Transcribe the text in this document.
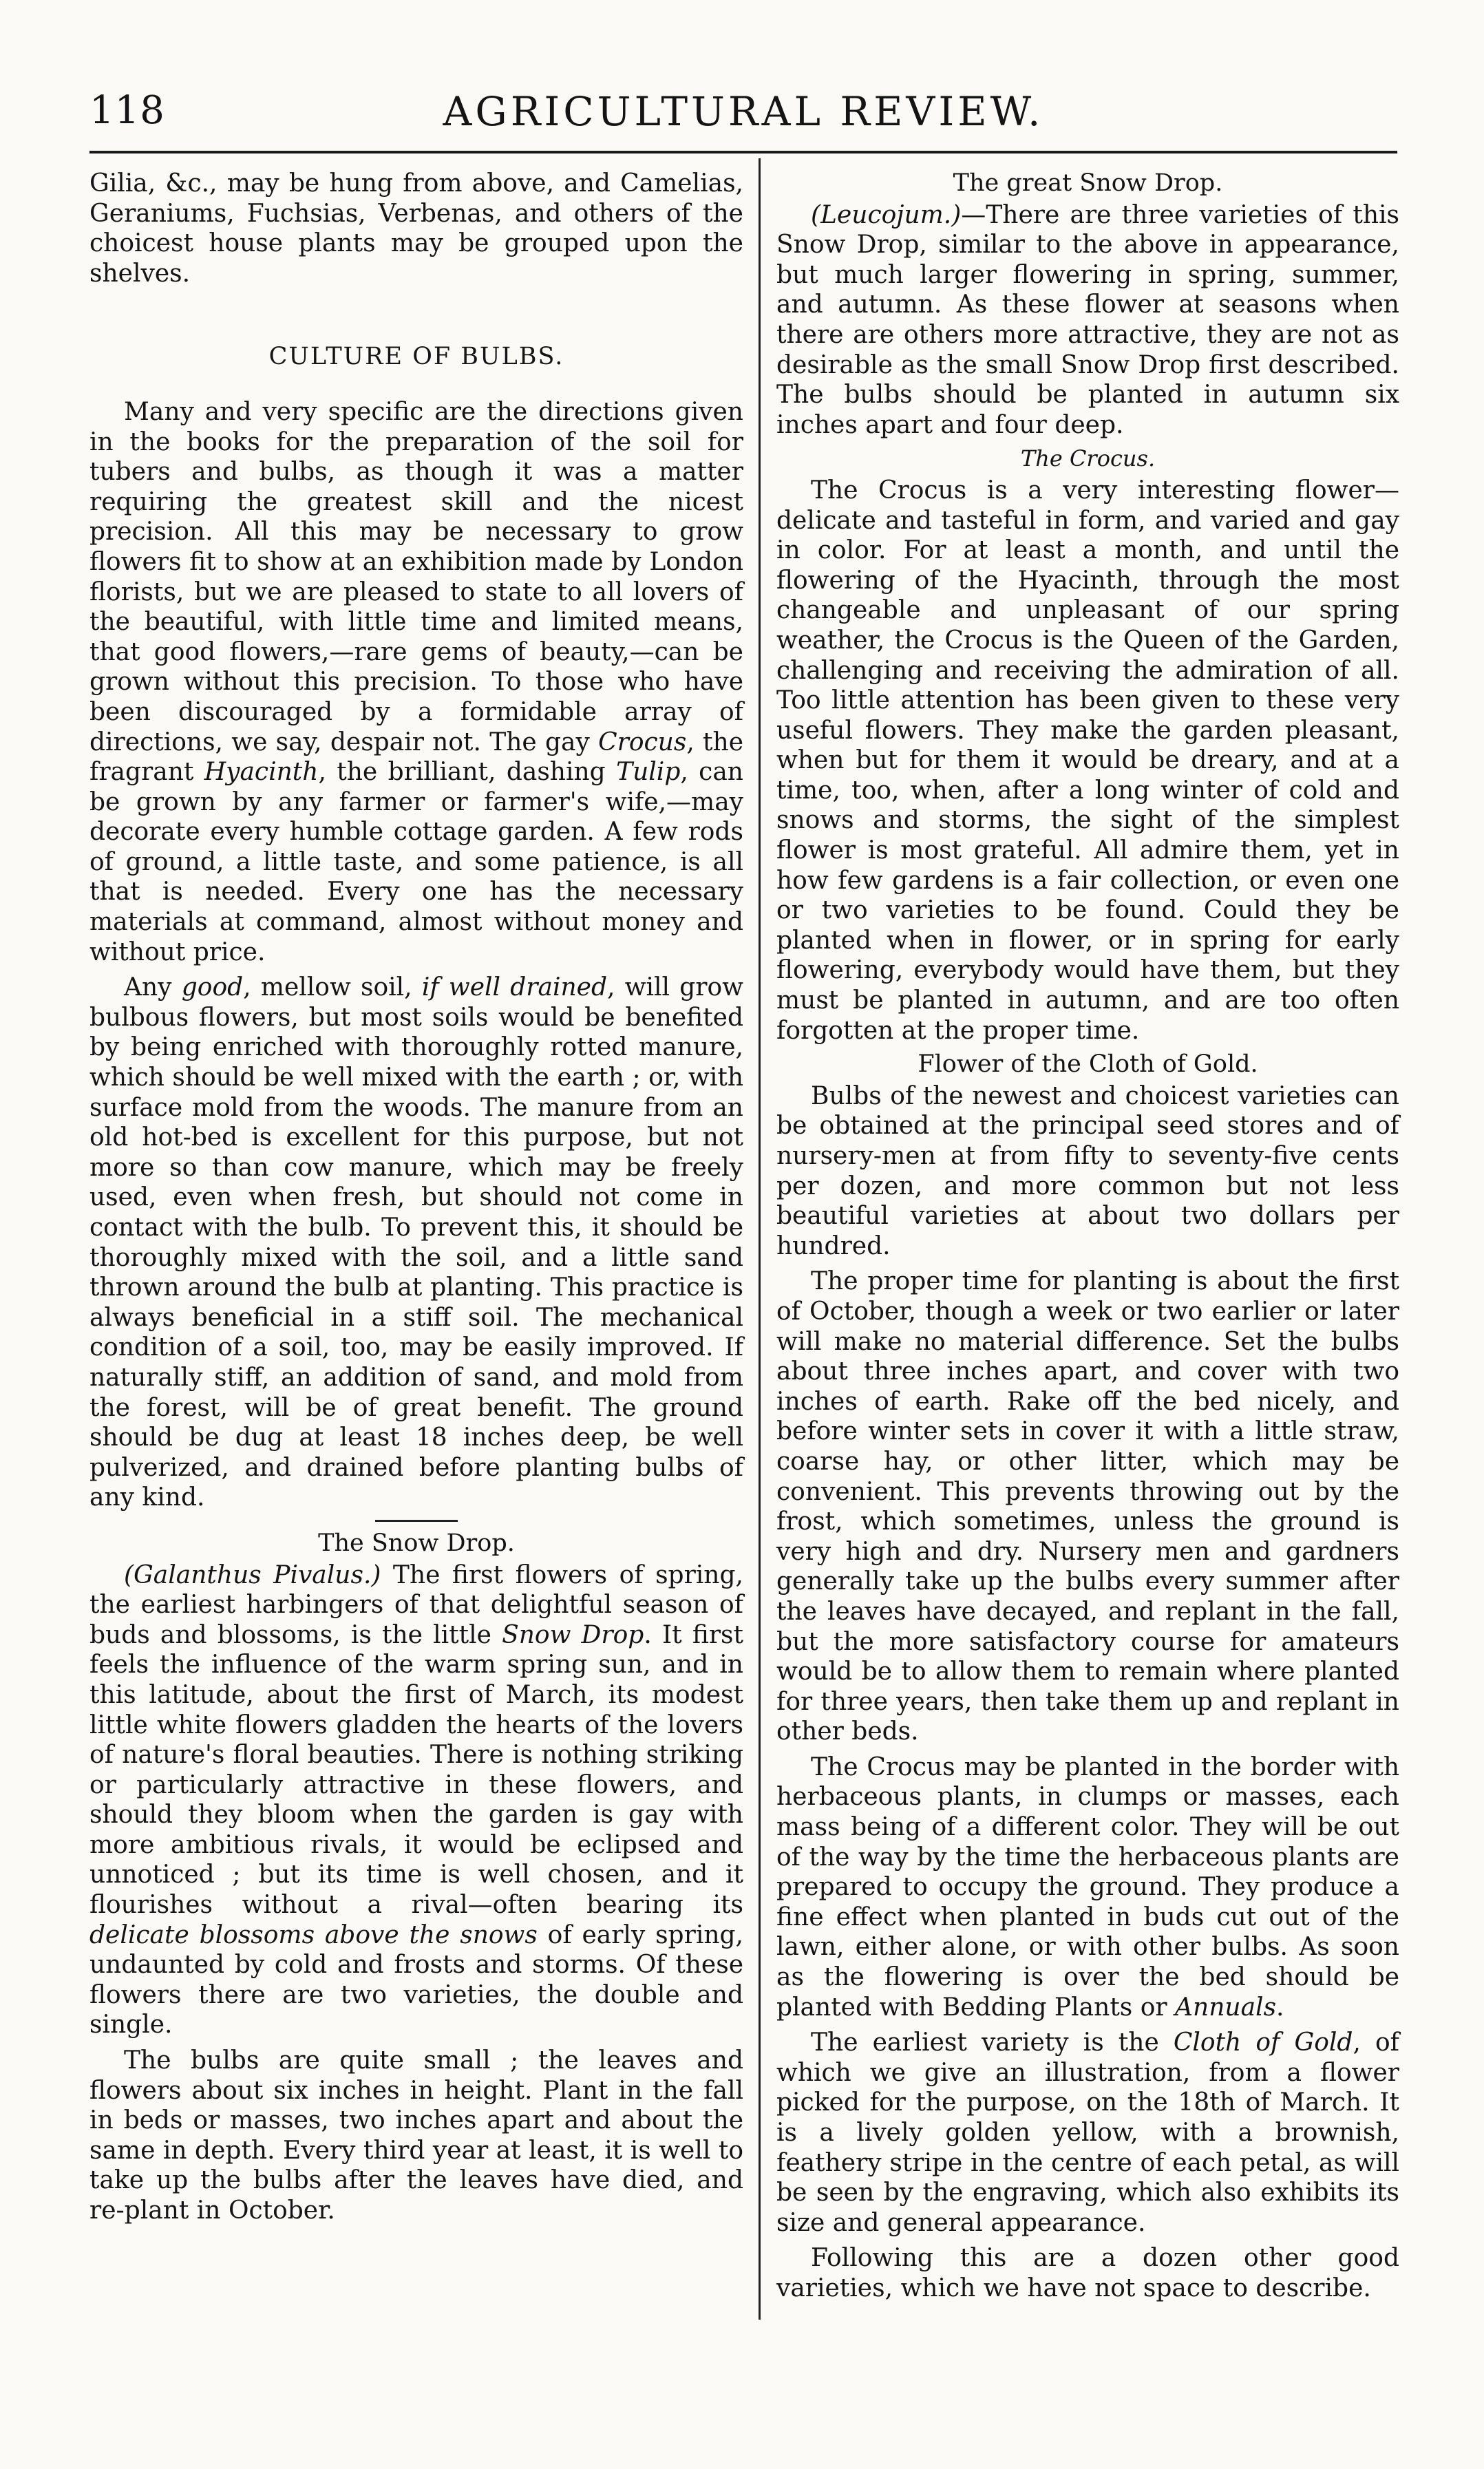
118	AGRICULTURAL REVIEW.

Gilia, &c., may be hung from above, and Camelias, Geraniums, Fuchsias, Verbenas, and others of the choicest house plants may be grouped upon the shelves.

CULTURE OF BULBS.

Many and very specific are the directions given in the books for the preparation of the soil for tubers and bulbs, as though it was a matter requiring the greatest skill and the nicest precision. All this may be necessary to grow flowers fit to show at an exhibition made by London florists, but we are pleased to state to all lovers of the beautiful, with little time and limited means, that good flowers,—rare gems of beauty,—can be grown without this precision. To those who have been discouraged by a formidable array of directions, we say, despair not. The gay Crocus, the fragrant Hyacinth, the brilliant, dashing Tulip, can be grown by any farmer or farmer's wife,—may decorate every humble cottage garden. A few rods of ground, a little taste, and some patience, is all that is needed. Every one has the necessary materials at command, almost without money and without price.

Any good, mellow soil, if well drained, will grow bulbous flowers, but most soils would be benefited by being enriched with thoroughly rotted manure, which should be well mixed with the earth ; or, with surface mold from the woods. The manure from an old hot-bed is excellent for this purpose, but not more so than cow manure, which may be freely used, even when fresh, but should not come in contact with the bulb. To prevent this, it should be thoroughly mixed with the soil, and a little sand thrown around the bulb at planting. This practice is always beneficial in a stiff soil. The mechanical condition of a soil, too, may be easily improved. If naturally stiff, an addition of sand, and mold from the forest, will be of great benefit. The ground should be dug at least 18 inches deep, be well pulverized, and drained before planting bulbs of any kind.

The Snow Drop.

(Galanthus Pivalus.) The first flowers of spring, the earliest harbingers of that delightful season of buds and blossoms, is the little Snow Drop. It first feels the influence of the warm spring sun, and in this latitude, about the first of March, its modest little white flowers gladden the hearts of the lovers of nature's floral beauties. There is nothing striking or particularly attractive in these flowers, and should they bloom when the garden is gay with more ambitious rivals, it would be eclipsed and unnoticed ; but its time is well chosen, and it flourishes without a rival—often bearing its delicate blossoms above the snows of early spring, undaunted by cold and frosts and storms. Of these flowers there are two varieties, the double and single.

The bulbs are quite small ; the leaves and flowers about six inches in height. Plant in the fall in beds or masses, two inches apart and about the same in depth. Every third year at least, it is well to take up the bulbs after the leaves have died, and re-plant in October.

The great Snow Drop.

(Leucojum.)—There are three varieties of this Snow Drop, similar to the above in appearance, but much larger flowering in spring, summer, and autumn. As these flower at seasons when there are others more attractive, they are not as desirable as the small Snow Drop first described. The bulbs should be planted in autumn six inches apart and four deep.

The Crocus.

The Crocus is a very interesting flower—delicate and tasteful in form, and varied and gay in color. For at least a month, and until the flowering of the Hyacinth, through the most changeable and unpleasant of our spring weather, the Crocus is the Queen of the Garden, challenging and receiving the admiration of all. Too little attention has been given to these very useful flowers. They make the garden pleasant, when but for them it would be dreary, and at a time, too, when, after a long winter of cold and snows and storms, the sight of the simplest flower is most grateful. All admire them, yet in how few gardens is a fair collection, or even one or two varieties to be found. Could they be planted when in flower, or in spring for early flowering, everybody would have them, but they must be planted in autumn, and are too often forgotten at the proper time.

Flower of the Cloth of Gold.

Bulbs of the newest and choicest varieties can be obtained at the principal seed stores and of nursery-men at from fifty to seventy-five cents per dozen, and more common but not less beautiful varieties at about two dollars per hundred.

The proper time for planting is about the first of October, though a week or two earlier or later will make no material difference. Set the bulbs about three inches apart, and cover with two inches of earth. Rake off the bed nicely, and before winter sets in cover it with a little straw, coarse hay, or other litter, which may be convenient. This prevents throwing out by the frost, which sometimes, unless the ground is very high and dry. Nursery men and gardners generally take up the bulbs every summer after the leaves have decayed, and replant in the fall, but the more satisfactory course for amateurs would be to allow them to remain where planted for three years, then take them up and replant in other beds.

The Crocus may be planted in the border with herbaceous plants, in clumps or masses, each mass being of a different color. They will be out of the way by the time the herbaceous plants are prepared to occupy the ground. They produce a fine effect when planted in buds cut out of the lawn, either alone, or with other bulbs. As soon as the flowering is over the bed should be planted with Bedding Plants or Annuals.

The earliest variety is the Cloth of Gold, of which we give an illustration, from a flower picked for the purpose, on the 18th of March. It is a lively golden yellow, with a brownish, feathery stripe in the centre of each petal, as will be seen by the engraving, which also exhibits its size and general appearance.

Following this are a dozen other good varieties, which we have not space to describe.
